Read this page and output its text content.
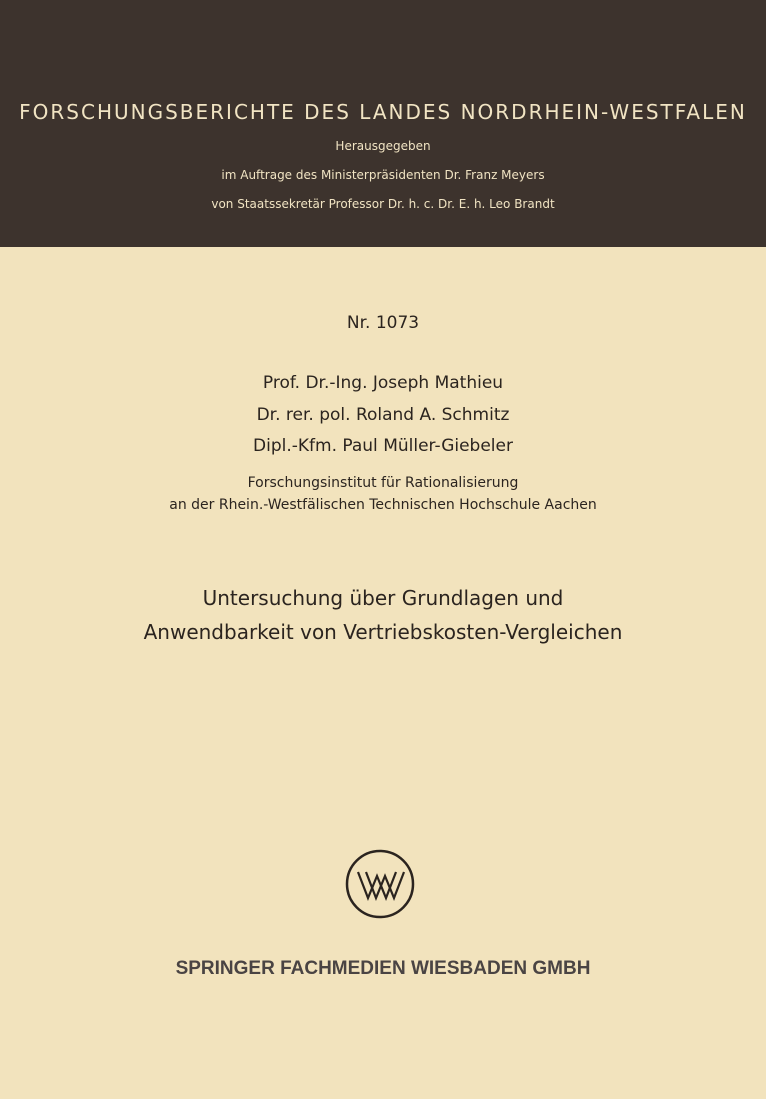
FORSCHUNGSBERICHTE DES LANDES NORDRHEIN-WESTFALEN
Herausgegeben
im Auftrage des Ministerpräsidenten Dr. Franz Meyers
von Staatssekretär Professor Dr. h. c. Dr. E. h. Leo Brandt
Nr. 1073
Prof. Dr.-Ing. Joseph Mathieu
Dr. rer. pol. Roland A. Schmitz
Dipl.-Kfm. Paul Müller-Giebeler
Forschungsinstitut für Rationalisierung
an der Rhein.-Westfälischen Technischen Hochschule Aachen
Untersuchung über Grundlagen und
Anwendbarkeit von Vertriebskosten-Vergleichen
SPRINGER FACHMEDIEN WIESBADEN GMBH
